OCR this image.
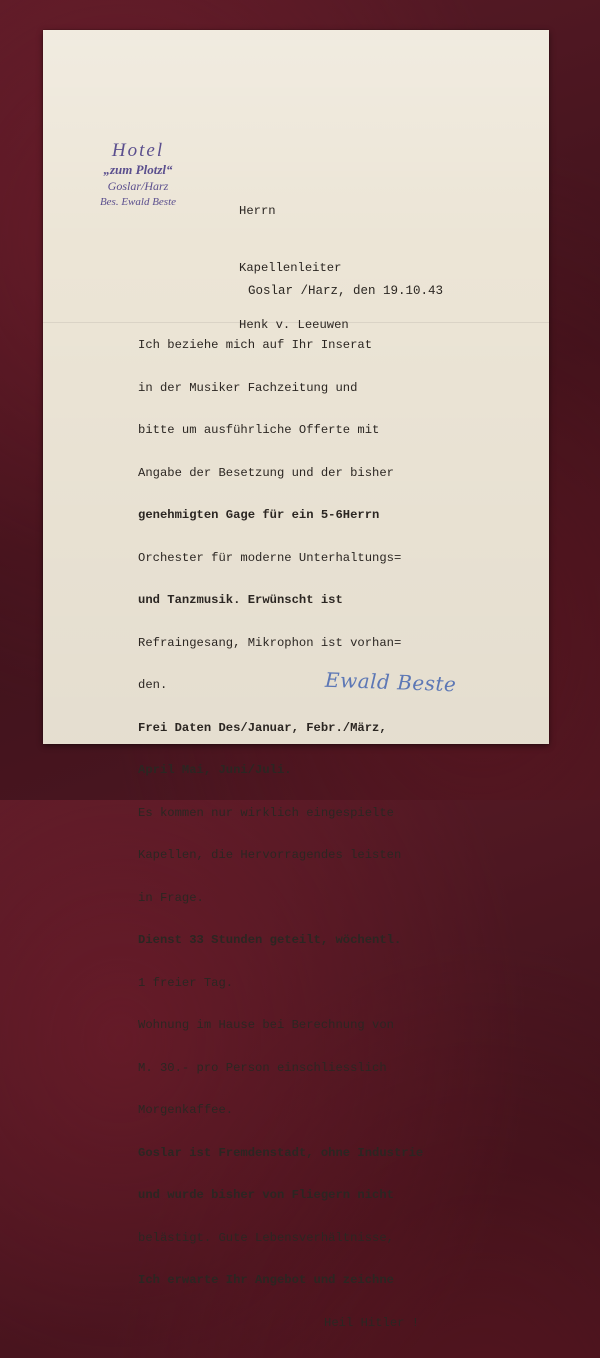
Hotel
„zum Plotzl“
Goslar/Harz
Bes. Ewald Beste

Herrn

Kapellenleiter

Henk v. Leeuwen

Goslar /Harz, den 19.10.43

Ich beziehe mich auf Ihr Inserat

in der Musiker Fachzeitung und

bitte um ausführliche Offerte mit

Angabe der Besetzung und der bisher

genehmigten Gage für ein 5-6Herrn

Orchester für moderne Unterhaltungs=

und Tanzmusik. Erwünscht ist

Refraingesang, Mikrophon ist vorhan=

den.

Frei Daten Des/Januar, Febr./März,

April Mai, Juni/Juli.

Es kommen nur wirklich eingespielte

Kapellen, die Hervorragendes leisten

in Frage.

Dienst 33 Stunden geteilt, wöchentl.

1 freier Tag.

Wohnung im Hause bei Berechnung von

M. 30.- pro Person einschliesslich

Morgenkaffee.

Goslar ist Fremdenstadt, ohne Industrie

und wurde bisher von Fliegern nicht

belästigt. Gute Lebensverhältnisse,

Ich erwarte Ihr Angebot und zeichne

Heil Hitler !

Ewald Beste
